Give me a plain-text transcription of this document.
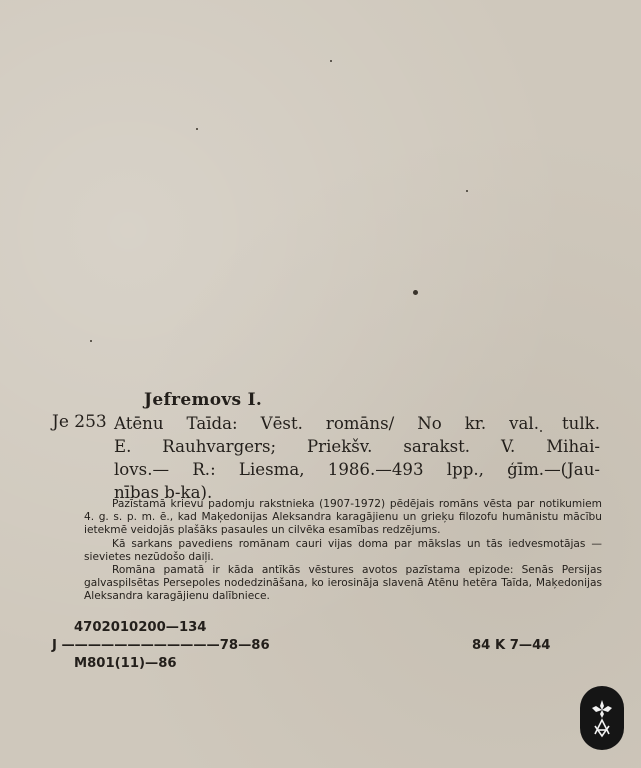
Jefremovs I.
Je 253 Atēnu Taīda: Vēst. romāns/ No kr. val. tulk.
E. Rauhvargers; Priekšv. sarakst. V. Mihai-
lovs.— R.: Liesma, 1986.—493 lpp., ģīm.—(Jau-
nības b-ka).

Pazīstamā krievu padomju rakstnieka (1907-1972) pēdējais romāns vēsta par notikumiem 4. g. s. p. m. ē., kad Maķedonijas Aleksandra karagājienu un grieķu filozofu humānistu mācību ietekmē veidojās plašāks pasaules un cilvēka esamības redzējums.

Kā sarkans pavediens romānam cauri vijas doma par mākslas un tās iedvesmotājas — sievietes nezūdošo daiļi.

Romāna pamatā ir kāda antīkās vēstures avotos pazīstama epizode: Senās Persijas galvaspilsētas Persepoles nodedzināšana, ko ierosināja slavenā Atēnu hetēra Taīda, Maķedonijas Aleksandra karagājienu dalībniece.

4702010200—134
J ————————————78—86
M801(11)—86
84 K 7—44
